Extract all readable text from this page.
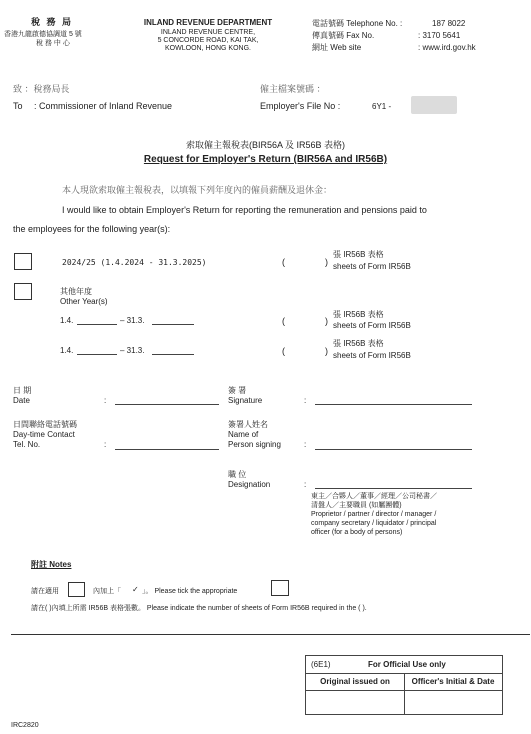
稅 務 局
香港九龍啟德協調道 5 號
稅 務 中 心
INLAND REVENUE DEPARTMENT
INLAND REVENUE CENTRE,
5 CONCORDE ROAD, KAI TAK,
KOWLOON, HONG KONG.
電話號碼 Telephone No. :	187 8022
傳真號碼 Fax No.	: 3170 5641
網址 Web site	: www.ird.gov.hk
致 ：稅務局長
To : Commissioner of Inland Revenue
僱主檔案號碼 ：
Employer's File No :	6Y1 -
索取僱主報稅表(BIR56A 及 IR56B 表格)
Request for Employer's Return (BIR56A and IR56B)
本人現欲索取僱主報稅表，以填報下列年度內的僱員薪酬及退休金：
I would like to obtain Employer's Return for reporting the remuneration and pensions paid to
the employees for the following year(s):
2024/25 (1.4.2024 - 31.3.2025)	(	)
張 IR56B 表格
sheets of Form IR56B
其他年度
Other Year(s)
1.4.	– 31.3.	(	)
張 IR56B 表格
sheets of Form IR56B
1.4.	– 31.3.	(	)
張 IR56B 表格
sheets of Form IR56B
日 期
Date	:
簽 署
Signature	:
日間聯絡電話號碼
Day-time Contact
Tel. No.	:
簽署人姓名
Name of
Person signing	:
職 位
Designation	:
東主／合夥人／董事／經理／公司秘書／
清盤人／主要職員 (如屬團體)
Proprietor / partner / director / manager /
company secretary / liquidator / principal
officer (for a body of persons)
附註 Notes
請在適用	內加上「 ✓ 」。 Please tick the appropriate
請在( )內填上所需 IR56B 表格張數。 Please indicate the number of sheets of Form IR56B required in the ( ).
(6E1)	For Official Use only
Original issued on	Officer's Initial & Date
IRC2820
